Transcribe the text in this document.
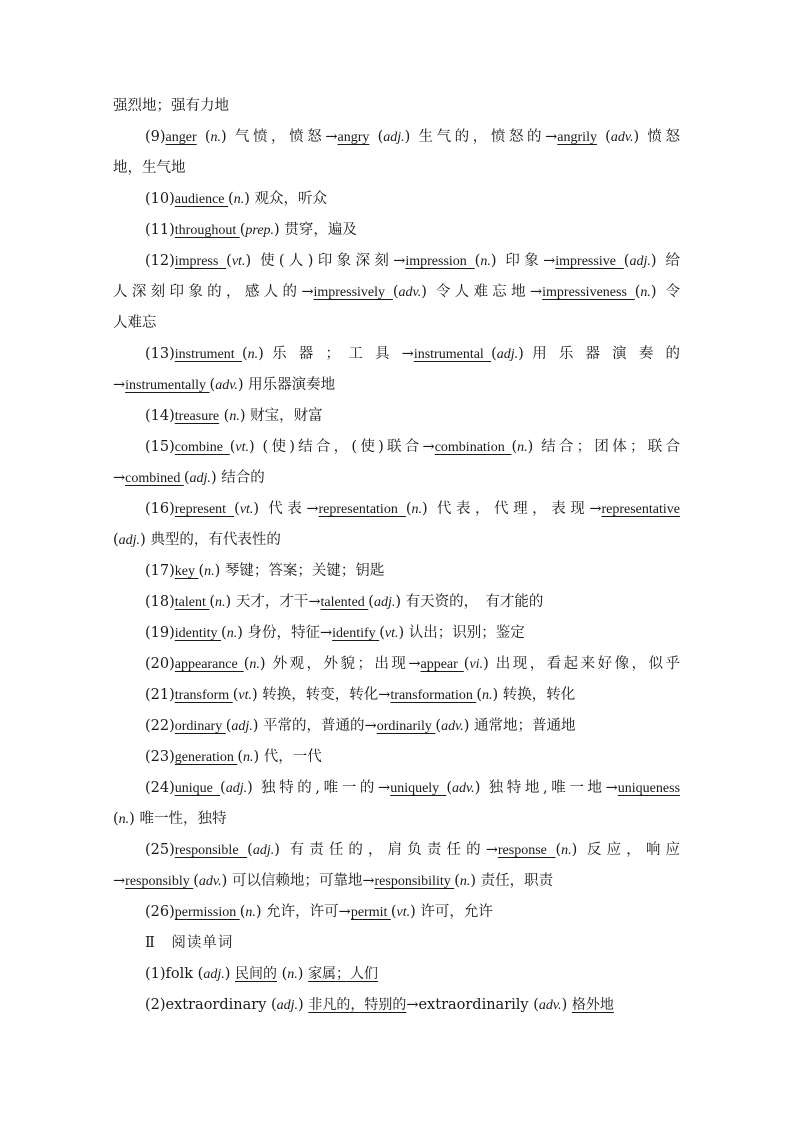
强烈地；强有力地
(9)anger (n.) 气愤，愤怒→angry (adj.) 生气的，愤怒的→angrily (adv.) 愤怒
地，生气地
(10)audience (n.) 观众，听众
(11)throughout (prep.) 贯穿，遍及
(12)impress (vt.) 使(人)印象深刻→impression (n.) 印象→impressive (adj.) 给
人深刻印象的，感人的→impressively (adv.) 令人难忘地→impressiveness (n.) 令
人难忘
(13)instrument (n.) 乐 器 ； 工 具 →instrumental (adj.) 用 乐 器 演 奏 的
→instrumentally (adv.) 用乐器演奏地
(14)treasure (n.) 财宝，财富
(15)combine (vt.) (使)结合，(使)联合→combination (n.) 结合；团体；联合
→combined (adj.) 结合的
(16)represent (vt.) 代表→representation (n.) 代表，代理，表现→representative
(adj.) 典型的，有代表性的
(17)key (n.) 琴键；答案；关键；钥匙
(18)talent (n.) 天才，才干→talented (adj.) 有天资的，　有才能的
(19)identity (n.) 身份，特征→identify (vt.) 认出；识别；鉴定
(20)appearance (n.) 外观，外貌；出现→appear (vi.) 出现，看起来好像，似乎
(21)transform (vt.) 转换，转变，转化→transformation (n.) 转换，转化
(22)ordinary (adj.) 平常的，普通的→ordinarily (adv.) 通常地；普通地
(23)generation (n.) 代，一代
(24)unique (adj.) 独特的,唯一的→uniquely (adv.) 独特地,唯一地→uniqueness
(n.) 唯一性，独特
(25)responsible (adj.) 有责任的，肩负责任的→response (n.) 反应，响应
→responsibly (adv.) 可以信赖地；可靠地→responsibility (n.) 责任，职责
(26)permission (n.) 允许，许可→permit (vt.) 许可，允许
Ⅱ　阅读单词
(1)folk (adj.) 民间的 (n.) 家属；人们
(2)extraordinary (adj.) 非凡的，特别的→extraordinarily (adv.) 格外地
